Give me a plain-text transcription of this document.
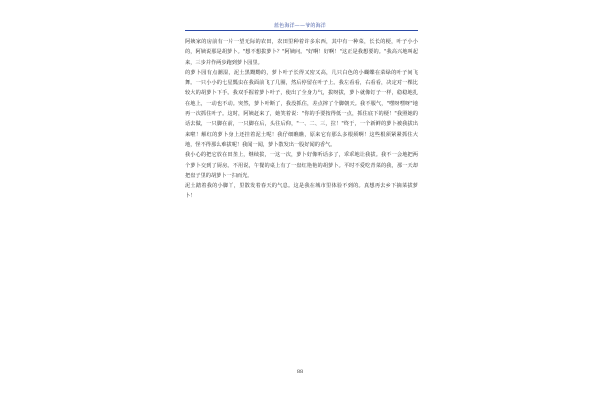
蓝色海洋——爷的海洋

阿姨家的房前有一片一望无际的农田，农田里种着许多东西，其中有一种菜，长长的梗，叶子小小的，阿姨说那是胡萝卜。"想不想拔萝卜？"阿姨问。"好啊！好啊！"这正是我想要的。"我高兴地叫起来，三步并作两步跑到萝卜园里。

的萝卜园有点潮湿，泥土黑黝黝的，萝卜叶子长得又密又高，几只白色的小蝴蝶在菜绿的叶子间飞舞。一只小小的七星瓢虫在我面前飞了几圈，然后停留在叶子上。我左看看，右看看，决定对一棵比较大的胡萝卜下手。我双手握着萝卜叶子，使出了全身力气，拔呀拔，萝卜就像钉子一样，稳稳地扎在地上，一动也不动。突然，萝卜叶断了，我没抓住，差点摔了个脚朝天。我不服气，"嘿呀嘿呀"地再一次抓住叶子。这时，阿姨赶来了，她笑着说："你的手要按得低一点，抓住底下的梗！"我照她的话去做，一只脚在前，一只脚在后，头往后仰，"一、二、三，拉！"终于，一个新鲜的萝卜被我拔出来啦！解红的萝卜身上还挂着泥土呢！我仔细瞧瞧，原来它有那么多根须啊！这些根须紧紧抓住大地，怪不得那么难拔呢！我闻一闻，萝卜散发出一股好闻的香气。

我小心的把它放在田垄上，继续拔，一这一次，萝卜好像听话多了，乖乖地让我拔。我不一会地把两个萝卜交到了厨房。不用说，午餐的桌上有了一盘红艳艳的胡萝卜。平时不爱吃青菜的我，那一天却把盘子里的胡萝卜一扫而光。

泥土踏着我的小脚丫，里散发着春天的气息。这是我在城市里体验不到的。真想再去乡下摘菜拔萝卜！

88
